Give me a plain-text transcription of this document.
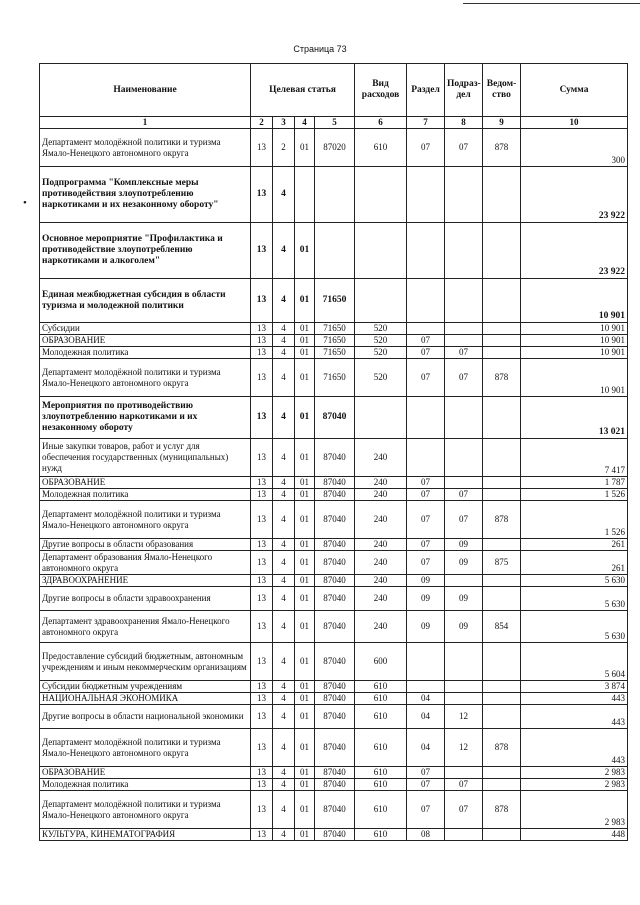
Страница 73
•
Наименование	Целевая статья				Вид расходов	Раздел	Подраз-дел	Ведом-ство	Сумма
1	2	3	4	5	6	7	8	9	10
Департамент молодёжной политики и туризма Ямало-Ненецкого автономного округа	13	2	01	87020	610	07	07	878	300
Подпрограмма "Комплексные меры противодействия злоупотреблению наркотиками и их незаконному обороту"	13	4							23 922
Основное мероприятие "Профилактика и противодействие злоупотреблению наркотиками и алкоголем"	13	4	01						23 922
Единая межбюджетная субсидия в области туризма и молодежной политики	13	4	01	71650					10 901
Субсидии	13	4	01	71650	520				10 901
ОБРАЗОВАНИЕ	13	4	01	71650	520	07			10 901
Молодежная политика	13	4	01	71650	520	07	07		10 901
Департамент молодёжной политики и туризма Ямало-Ненецкого автономного округа	13	4	01	71650	520	07	07	878	10 901
Мероприятия по противодействию злоупотреблению наркотиками и их незаконному обороту	13	4	01	87040					13 021
Иные закупки товаров, работ и услуг для обеспечения государственных (муниципальных) нужд	13	4	01	87040	240				7 417
ОБРАЗОВАНИЕ	13	4	01	87040	240	07			1 787
Молодежная политика	13	4	01	87040	240	07	07		1 526
Департамент молодёжной политики и туризма Ямало-Ненецкого автономного округа	13	4	01	87040	240	07	07	878	1 526
Другие вопросы в области образования	13	4	01	87040	240	07	09		261
Департамент образования Ямало-Ненецкого автономного округа	13	4	01	87040	240	07	09	875	261
ЗДРАВООХРАНЕНИЕ	13	4	01	87040	240	09			5 630
Другие вопросы в области здравоохранения	13	4	01	87040	240	09	09		5 630
Департамент здравоохранения Ямало-Ненецкого автономного округа	13	4	01	87040	240	09	09	854	5 630
Предоставление субсидий бюджетным, автономным учреждениям и иным некоммерческим организациям	13	4	01	87040	600				5 604
Субсидии бюджетным учреждениям	13	4	01	87040	610				3 874
НАЦИОНАЛЬНАЯ ЭКОНОМИКА	13	4	01	87040	610	04			443
Другие вопросы в области национальной экономики	13	4	01	87040	610	04	12		443
Департамент молодёжной политики и туризма Ямало-Ненецкого автономного округа	13	4	01	87040	610	04	12	878	443
ОБРАЗОВАНИЕ	13	4	01	87040	610	07			2 983
Молодежная политика	13	4	01	87040	610	07	07		2 983
Департамент молодёжной политики и туризма Ямало-Ненецкого автономного округа	13	4	01	87040	610	07	07	878	2 983
КУЛЬТУРА, КИНЕМАТОГРАФИЯ	13	4	01	87040	610	08			448
